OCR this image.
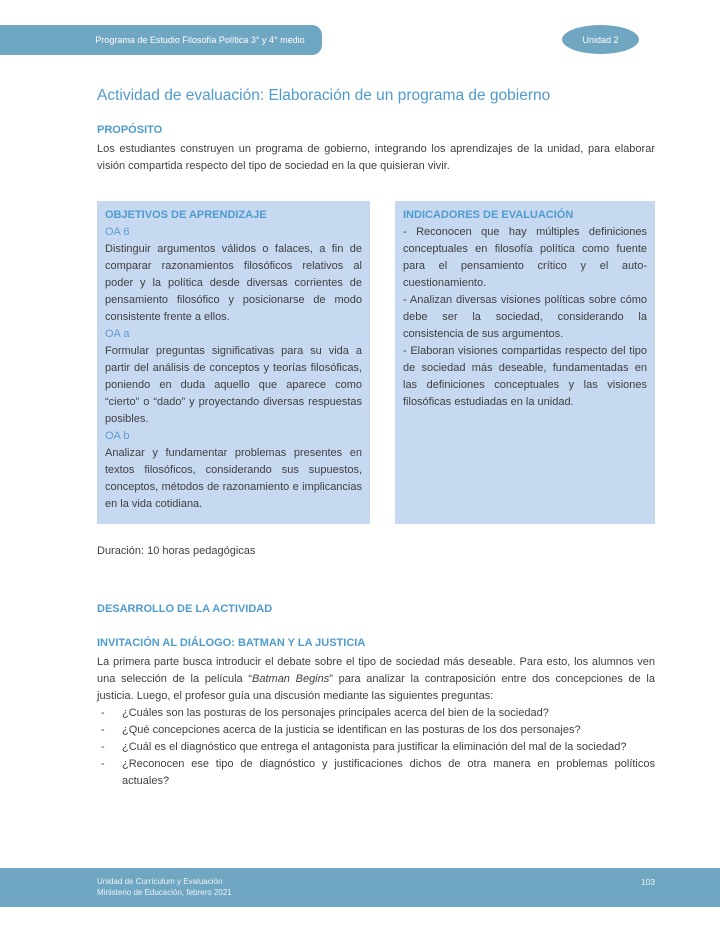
Programa de Estudio Filosofía Política 3° y 4° medio	Unidad 2
Actividad de evaluación: Elaboración de un programa de gobierno
PROPÓSITO

Los estudiantes construyen un programa de gobierno, integrando los aprendizajes de la unidad, para elaborar visión compartida respecto del tipo de sociedad en la que quisieran vivir.

OBJETIVOS DE APRENDIZAJE
OA 6

Distinguir argumentos válidos o falaces, a fin de comparar razonamientos filosóficos relativos al poder y la política desde diversas corrientes de pensamiento filosófico y posicionarse de modo consistente frente a ellos.

OA a

Formular preguntas significativas para su vida a partir del análisis de conceptos y teorías filosóficas, poniendo en duda aquello que aparece como “cierto” o “dado” y proyectando diversas respuestas posibles.

OA b

Analizar y fundamentar problemas presentes en textos filosóficos, considerando sus supuestos, conceptos, métodos de razonamiento e implicancias en la vida cotidiana.

INDICADORES DE EVALUACIÓN

- Reconocen que hay múltiples definiciones conceptuales en filosofía política como fuente para el pensamiento crítico y el auto-cuestionamiento.

- Analizan diversas visiones políticas sobre cómo debe ser la sociedad, considerando la consistencia de sus argumentos.

- Elaboran visiones compartidas respecto del tipo de sociedad más deseable, fundamentadas en las definiciones conceptuales y las visiones filosóficas estudiadas en la unidad.

Duración: 10 horas pedagógicas

DESARROLLO DE LA ACTIVIDAD
INVITACIÓN AL DIÁLOGO: BATMAN Y LA JUSTICIA

La primera parte busca introducir el debate sobre el tipo de sociedad más deseable. Para esto, los alumnos ven una selección de la película “Batman Begins” para analizar la contraposición entre dos concepciones de la justicia. Luego, el profesor guía una discusión mediante las siguientes preguntas:

-	¿Cuáles son las posturas de los personajes principales acerca del bien de la sociedad?

-	¿Qué concepciones acerca de la justicia se identifican en las posturas de los dos personajes?

-	¿Cuál es el diagnóstico que entrega el antagonista para justificar la eliminación del mal de la sociedad?

-	¿Reconocen ese tipo de diagnóstico y justificaciones dichos de otra manera en problemas políticos actuales?

Unidad de Currículum y Evaluación
Ministerio de Educación, febrero 2021
103
